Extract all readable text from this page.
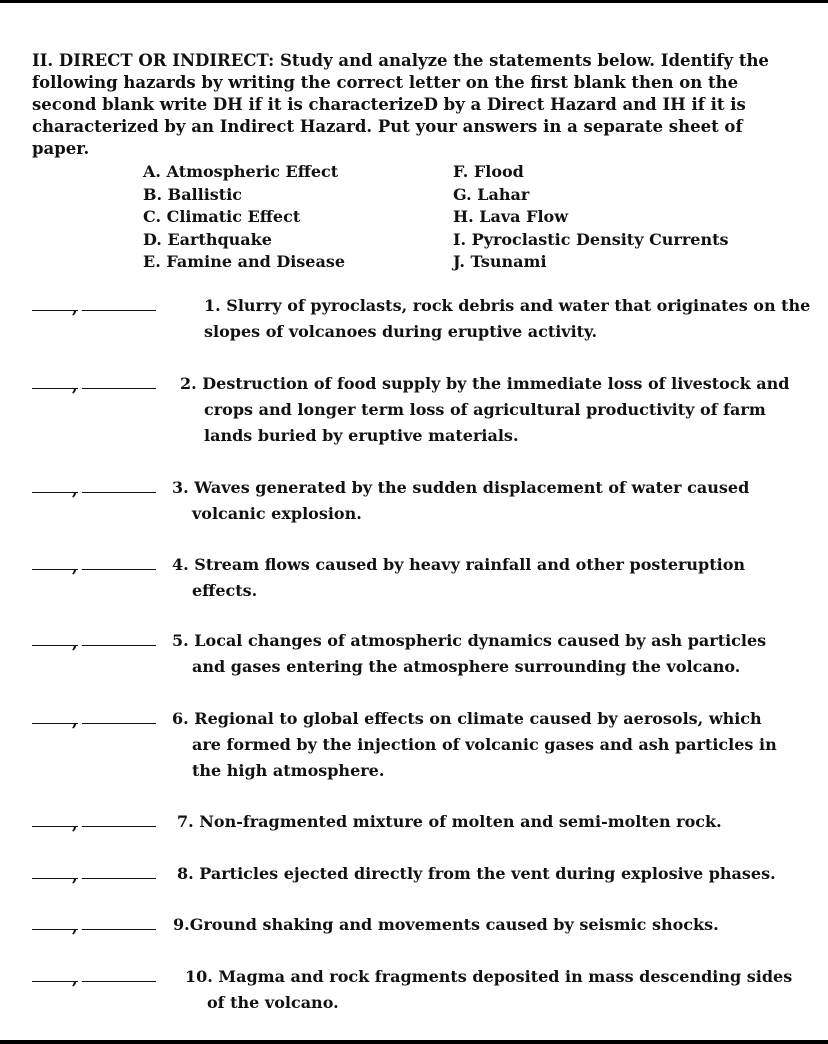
II. DIRECT OR INDIRECT: Study and analyze the statements below. Identify the following hazards by writing the correct letter on the first blank then on the second blank write DH if it is characterizeD by a Direct Hazard and IH if it is characterized by an Indirect Hazard. Put your answers in a separate sheet of paper.
A. Atmospheric Effect
B. Ballistic
C. Climatic Effect
D. Earthquake
E. Famine and Disease
F. Flood
G. Lahar
H. Lava Flow
I. Pyroclastic Density Currents
J. Tsunami
,	1. Slurry of pyroclasts, rock debris and water that originates on the slopes of volcanoes during eruptive activity.
,	2. Destruction of food supply by the immediate loss of livestock and crops and longer term loss of agricultural productivity of farm lands buried by eruptive materials.
,	3. Waves generated by the sudden displacement of water caused volcanic explosion.
,	4. Stream flows caused by heavy rainfall and other posteruption effects.
,	5. Local changes of atmospheric dynamics caused by ash particles and gases entering the atmosphere surrounding the volcano.
,	6. Regional to global effects on climate caused by aerosols, which are formed by the injection of volcanic gases and ash particles in the high atmosphere.
,	7. Non-fragmented mixture of molten and semi-molten rock.
,	8. Particles ejected directly from the vent during explosive phases.
,	9.Ground shaking and movements caused by seismic shocks.
,	10. Magma and rock fragments deposited in mass descending sides of the volcano.
